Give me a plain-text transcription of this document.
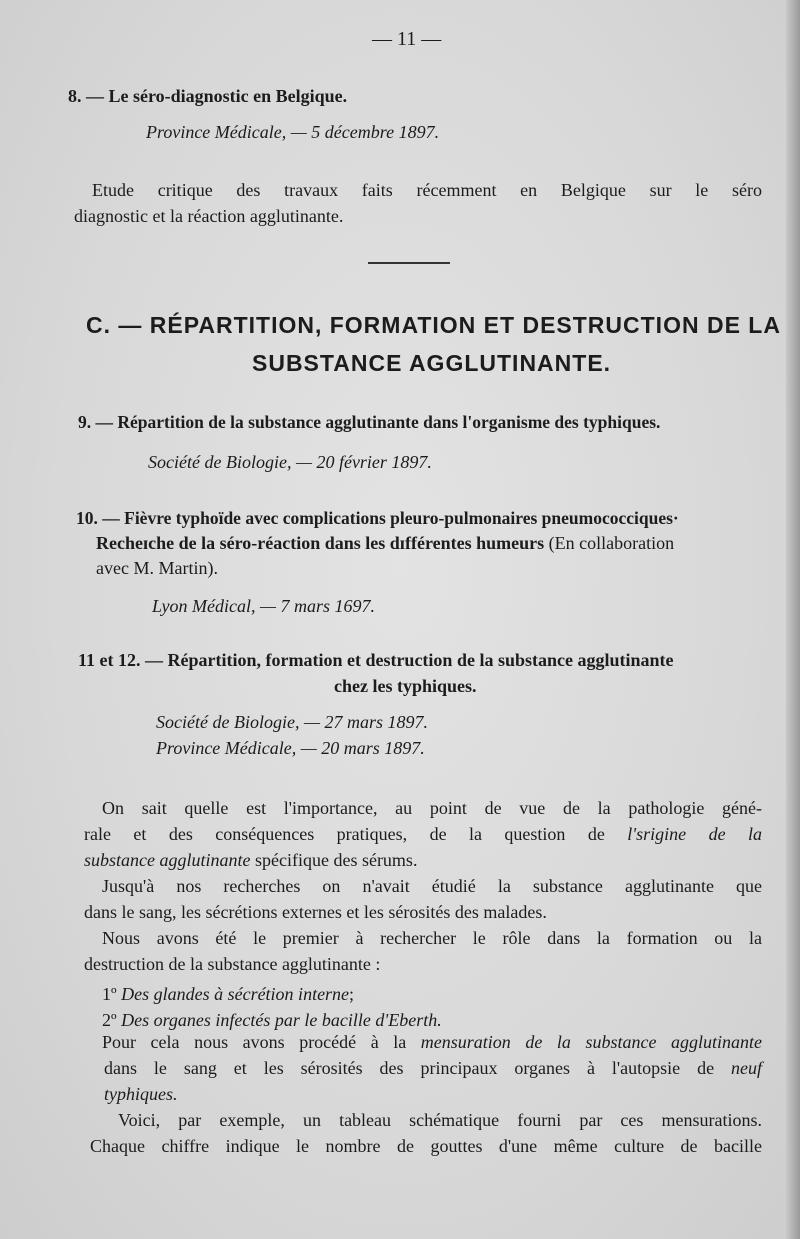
— 11 —
8. — Le séro-diagnostic en Belgique.
Province Médicale, — 5 décembre 1897.
Etude critique des travaux faits récemment en Belgique sur le séro
diagnostic et la réaction agglutinante.
C. — RÉPARTITION, FORMATION ET DESTRUCTION DE LA
SUBSTANCE AGGLUTINANTE.
9. — Répartition de la substance agglutinante dans l'organisme des typhiques.
Société de Biologie, — 20 février 1897.
10. — Fièvre typhoïde avec complications pleuro-pulmonaires pneumococciques·
Recheɪche de la séro-réaction dans les dɪfférentes humeurs (En collaboration
avec M. Martin).
Lyon Médical, — 7 mars 1697.
11 et 12. — Répartition, formation et destruction de la substance agglutinante
chez les typhiques.
Société de Biologie, — 27 mars 1897.
Province Médicale, — 20 mars 1897.
On sait quelle est l'importance, au point de vue de la pathologie géné-
rale et des conséquences pratiques, de la question de l'srigine de la
substance agglutinante spécifique des sérums.
Jusqu'à nos recherches on n'avait étudié la substance agglutinante que
dans le sang, les sécrétions externes et les sérosités des malades.
Nous avons été le premier à rechercher le rôle dans la formation ou la
destruction de la substance agglutinante :
1º Des glandes à sécrétion interne;
2º Des organes infectés par le bacille d'Eberth.
Pour cela nous avons procédé à la mensuration de la substance agglutinante
dans le sang et les sérosités des principaux organes à l'autopsie de neuf
typhiques.
Voici, par exemple, un tableau schématique fourni par ces mensurations.
Chaque chiffre indique le nombre de gouttes d'une même culture de bacille
